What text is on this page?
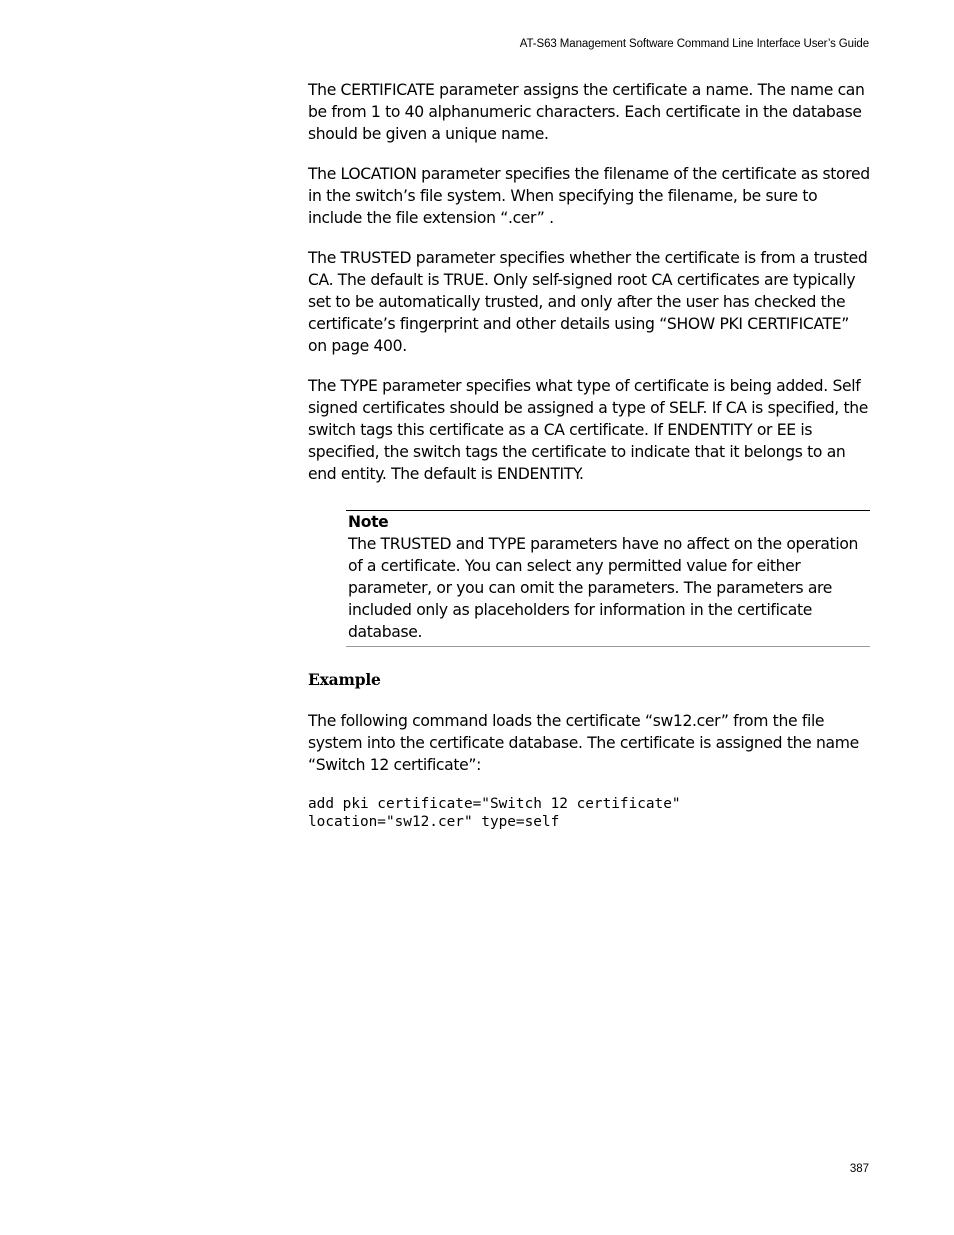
AT-S63 Management Software Command Line Interface User’s Guide

The CERTIFICATE parameter assigns the certificate a name. The name can be from 1 to 40 alphanumeric characters. Each certificate in the database should be given a unique name.

The LOCATION parameter specifies the filename of the certificate as stored in the switch’s file system. When specifying the filename, be sure to include the file extension “.cer” .

The TRUSTED parameter specifies whether the certificate is from a trusted CA. The default is TRUE. Only self-signed root CA certificates are typically set to be automatically trusted, and only after the user has checked the certificate’s fingerprint and other details using “SHOW PKI CERTIFICATE” on page 400.

The TYPE parameter specifies what type of certificate is being added. Self signed certificates should be assigned a type of SELF. If CA is specified, the switch tags this certificate as a CA certificate. If ENDENTITY or EE is specified, the switch tags the certificate to indicate that it belongs to an end entity. The default is ENDENTITY.

Note

The TRUSTED and TYPE parameters have no affect on the operation of a certificate. You can select any permitted value for either parameter, or you can omit the parameters. The parameters are included only as placeholders for information in the certificate database.

Example

The following command loads the certificate “sw12.cer” from the file system into the certificate database. The certificate is assigned the name “Switch 12 certificate”:

add pki certificate="Switch 12 certificate"
location="sw12.cer" type=self
387
